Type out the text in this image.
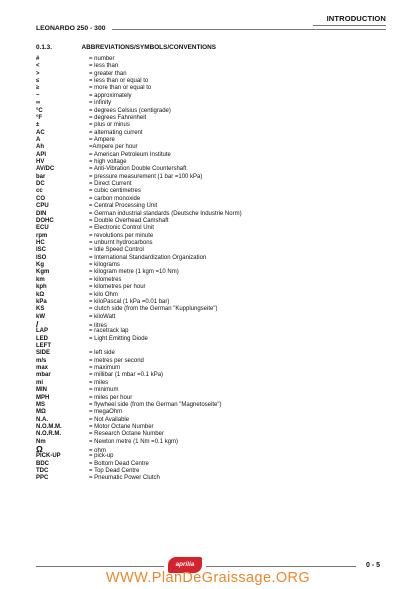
INTRODUCTION
LEONARDO 250 - 300
0.1.3.	ABBREVIATIONS/SYMBOLS/CONVENTIONS
#	= number
<	= less than
>	= greater than
≤	= less than or equal to
≥	= more than or equal to
~	= approximately
∞	= infinity
°C	= degrees Celsius (centigrade)
°F	= degrees Fahrenheit
±	= plus or minus
AC	= alternating current
A	= Ampere
Ah	=Ampere per hour
API	= American Petroleum Institute
HV	= high voltage
AV/DC	= Anti-Vibration Double Countershaft
bar	= pressure measurement (1 bar =100 kPa)
DC	= Direct Current
cc	= cubic centimetres
CO	= carbon monoxide
CPU	= Central Processing Unit
DIN	= German industrial standards (Deutsche Industrie Norm)
DOHC	= Double Overhead Camshaft
ECU	= Electronic Control Unit
rpm	= revolutions per minute
HC	= unburnt hydrocarbons
ISC	= Idle Speed Control
ISO	= International Standardization Organization
Kg	= kilograms
Kgm	= kilogram metre (1 kgm =10 Nm)
km	= kilometres
kph	= kilometres per hour
kΩ	= kilo Ohm
kPa	= kiloPascal (1 kPa =0.01 bar)
KS	= clutch side (from the German "Kupplungseite")
kW	= kiloWatt
/	= litres
LAP	= racetrack lap
LED	= Light Emitting Diode
LEFT
SIDE	= left side
m/s	= metres per second
max	= maximum
mbar	= millibar (1 mbar =0.1 kPa)
mi	= miles
MIN	= minimum
MPH	= miles per hour
MS	= flywheel side (from the German "Magnetoseite")
MΩ	= megaOhm
N.A.	= Not Available
N.O.M.M.	= Motor Octane Number
N.O.R.M.	= Research Octane Number
Nm	= Newton metre (1 Nm =0.1 kgm)
Ω	= ohm
PICK-UP	= pick-up
BDC	= Bottom Dead Centre
TDC	= Top Dead Centre
PPC	= Pneumatic Power Clutch
aprilia	0 - 5
WWW.PlanDeGraissage.ORG
